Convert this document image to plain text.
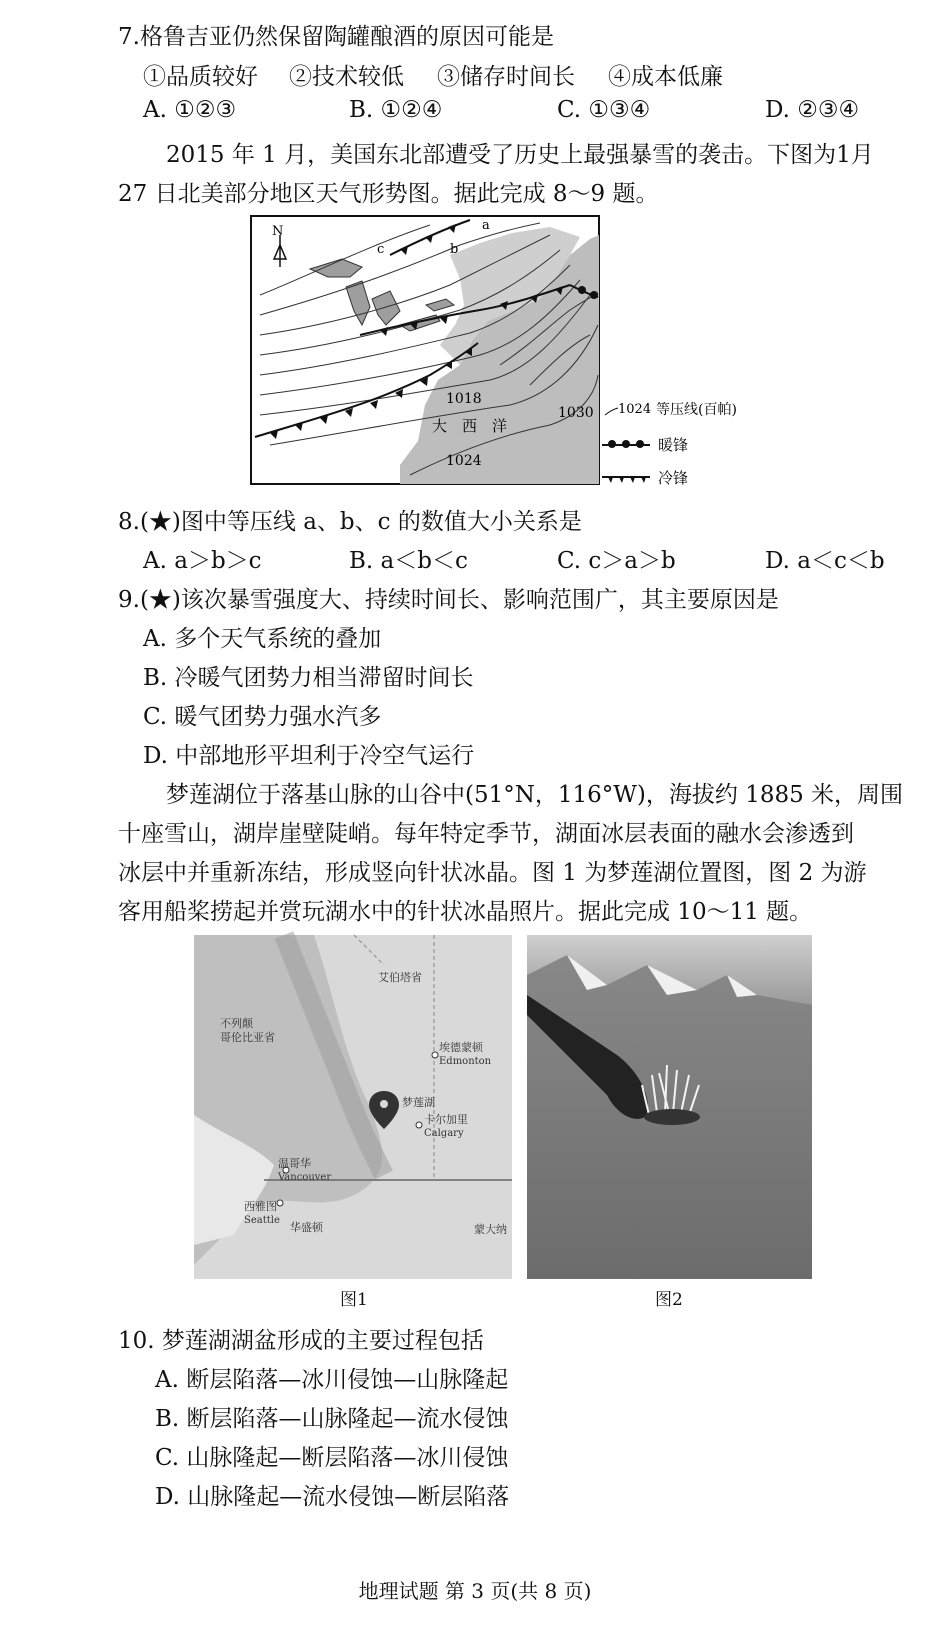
7.格鲁吉亚仍然保留陶罐酿酒的原因可能是
①品质较好 ②技术较低 ③储存时间长 ④成本低廉
A. ①②③	B. ①②④	C. ①③④	D. ②③④
2015 年 1 月，美国东北部遭受了历史上最强暴雪的袭击。下图为1月
27 日北美部分地区天气形势图。据此完成 8～9 题。
N	a
b
c
1018
1030
1024
大　西　洋
1024 等压线(百帕)
暖锋
冷锋
8.(★)图中等压线 a、b、c 的数值大小关系是
A. a＞b＞c	B. a＜b＜c	C. c＞a＞b	D. a＜c＜b
9.(★)该次暴雪强度大、持续时间长、影响范围广，其主要原因是
A. 多个天气系统的叠加
B. 冷暖气团势力相当滞留时间长
C. 暖气团势力强水汽多
D. 中部地形平坦利于冷空气运行
梦莲湖位于落基山脉的山谷中(51°N，116°W)，海拔约 1885 米，周围
十座雪山，湖岸崖壁陡峭。每年特定季节，湖面冰层表面的融水会渗透到
冰层中并重新冻结，形成竖向针状冰晶。图 1 为梦莲湖位置图，图 2 为游
客用船桨捞起并赏玩湖水中的针状冰晶照片。据此完成 10～11 题。
艾伯塔省
不列颠
哥伦比亚省
埃德蒙顿
Edmonton
梦莲湖
卡尔加里
Calgary
温哥华
Vancouver
西雅图
Seattle
华盛顿	蒙大纳
图1	图2
10. 梦莲湖湖盆形成的主要过程包括
A. 断层陷落—冰川侵蚀—山脉隆起
B. 断层陷落—山脉隆起—流水侵蚀
C. 山脉隆起—断层陷落—冰川侵蚀
D. 山脉隆起—流水侵蚀—断层陷落
地理试题 第 3 页(共 8 页)
